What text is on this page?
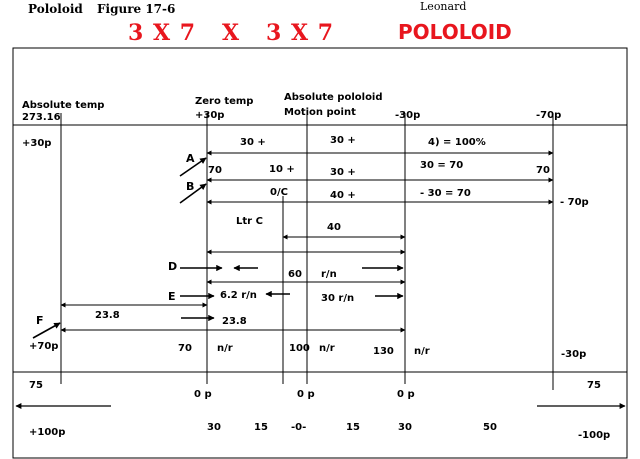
Pololoid Figure 17-6	Leonard
3 X 7   X   3 X 7	POLOLOID
Absolute temp
273.16
Zero temp
+30p
Absolute pololoid
Motion point	-30p	-70p
+30p
+70p
- 70p
-30p
30 +	30 +	4) = 100%
A
70	10 +	30 +
30 = 70	70
B	0/C	40 +	- 30 = 70
Ltr C
40
D
60 r/n
E	6.2 r/n	30 r/n
23.8
23.8
F
70	n/r	100 n/r	130 n/r
75	75
0 p	0 p	0 p
+100p	-100p
30	15 -0-	15	30	50
